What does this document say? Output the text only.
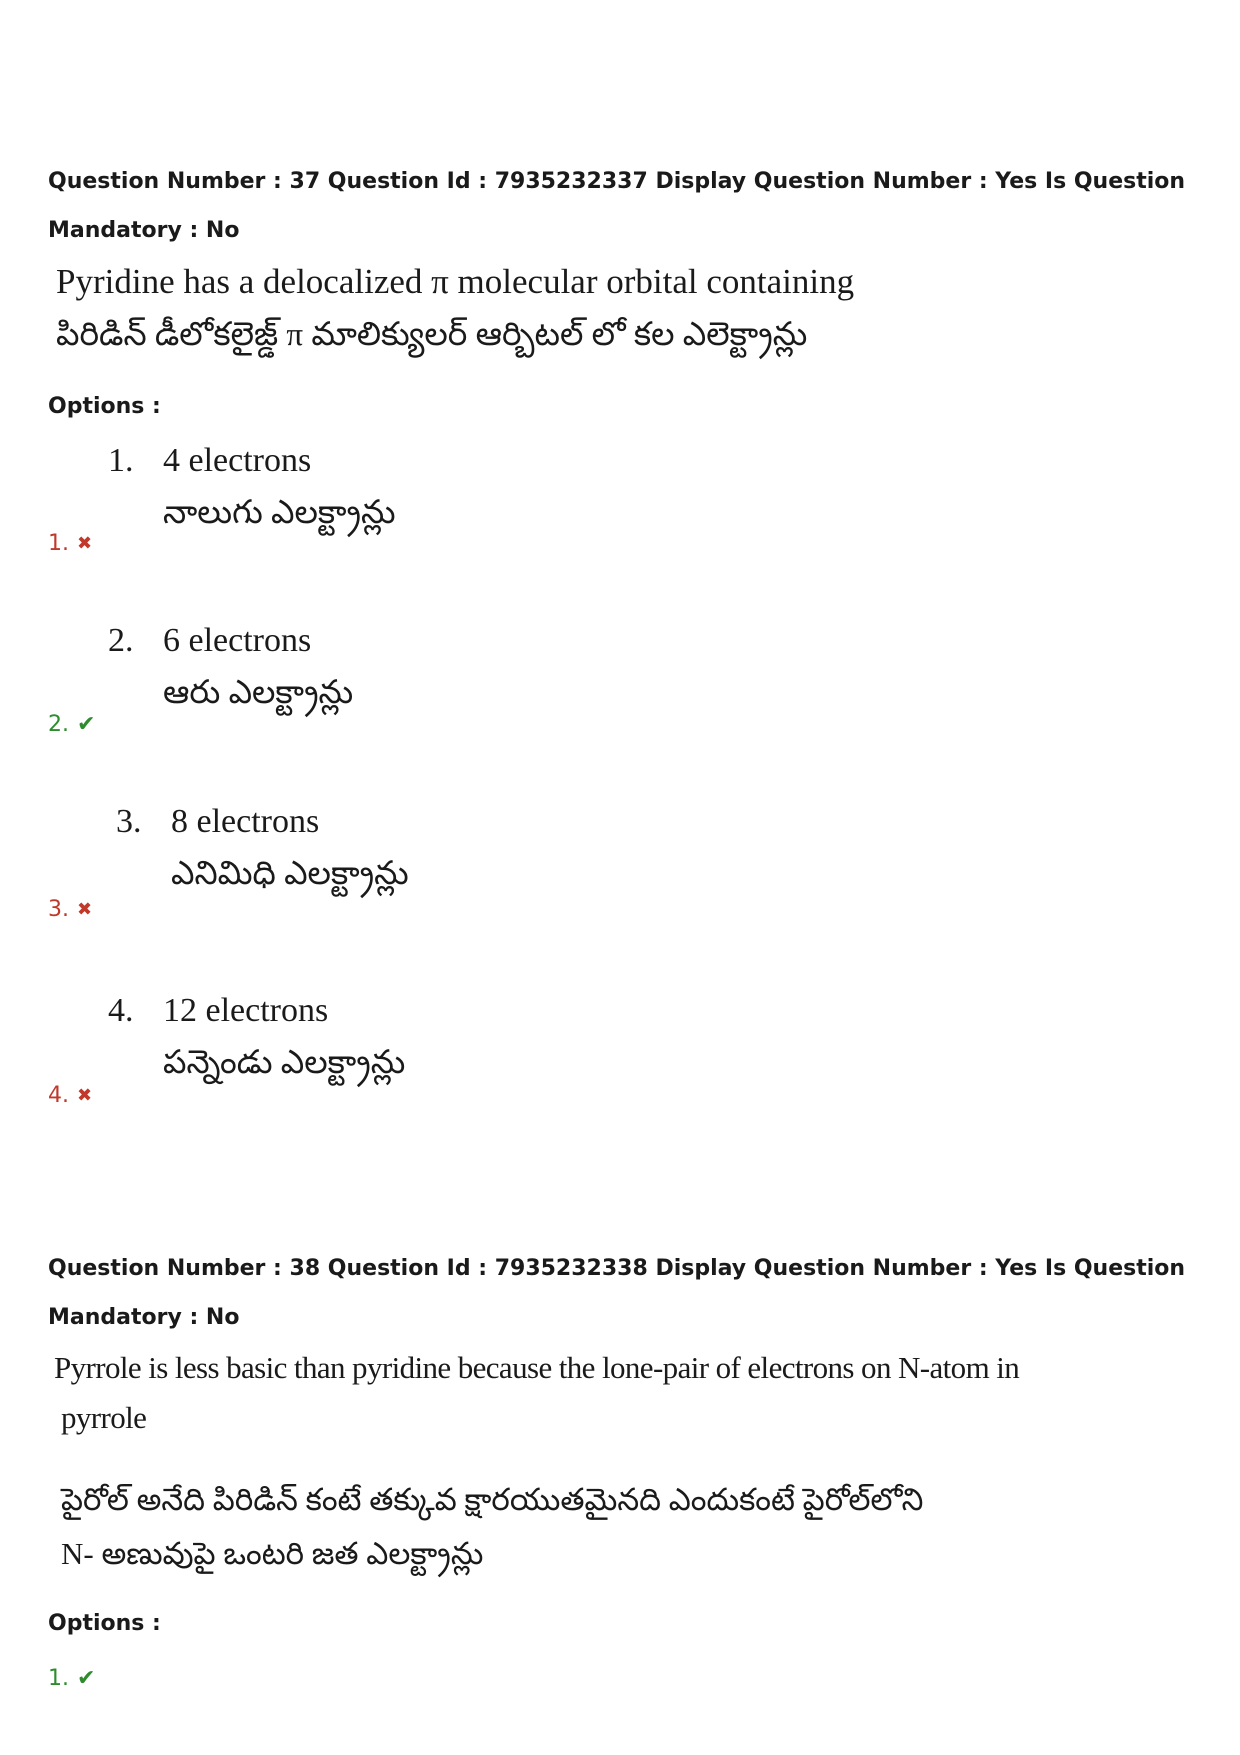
Question Number : 37 Question Id : 7935232337 Display Question Number : Yes Is Question
Mandatory : No
Pyridine has a delocalized π molecular orbital containing
పిరిడిన్ డీలోకలైజ్డ్ π మాలిక్యులర్ ఆర్బిటల్ లో కల ఎలెక్ట్రాన్లు
Options :
1. 4 electrons
నాలుగు ఎలక్ట్రాన్లు
1. ✖
2. 6 electrons
ఆరు ఎలక్ట్రాన్లు
2. ✔
3. 8 electrons
ఎనిమిధి ఎలక్ట్రాన్లు
3. ✖
4. 12 electrons
పన్నెండు ఎలక్ట్రాన్లు
4. ✖
Question Number : 38 Question Id : 7935232338 Display Question Number : Yes Is Question
Mandatory : No
Pyrrole is less basic than pyridine because the lone-pair of electrons on N-atom in
pyrrole
పైరోల్ అనేది పిరిడిన్ కంటే తక్కువ క్షారయుతమైనది ఎందుకంటే పైరోల్‌లోని
N- అణువుపై ఒంటరి జత ఎలక్ట్రాన్లు
Options :
1. ✔
